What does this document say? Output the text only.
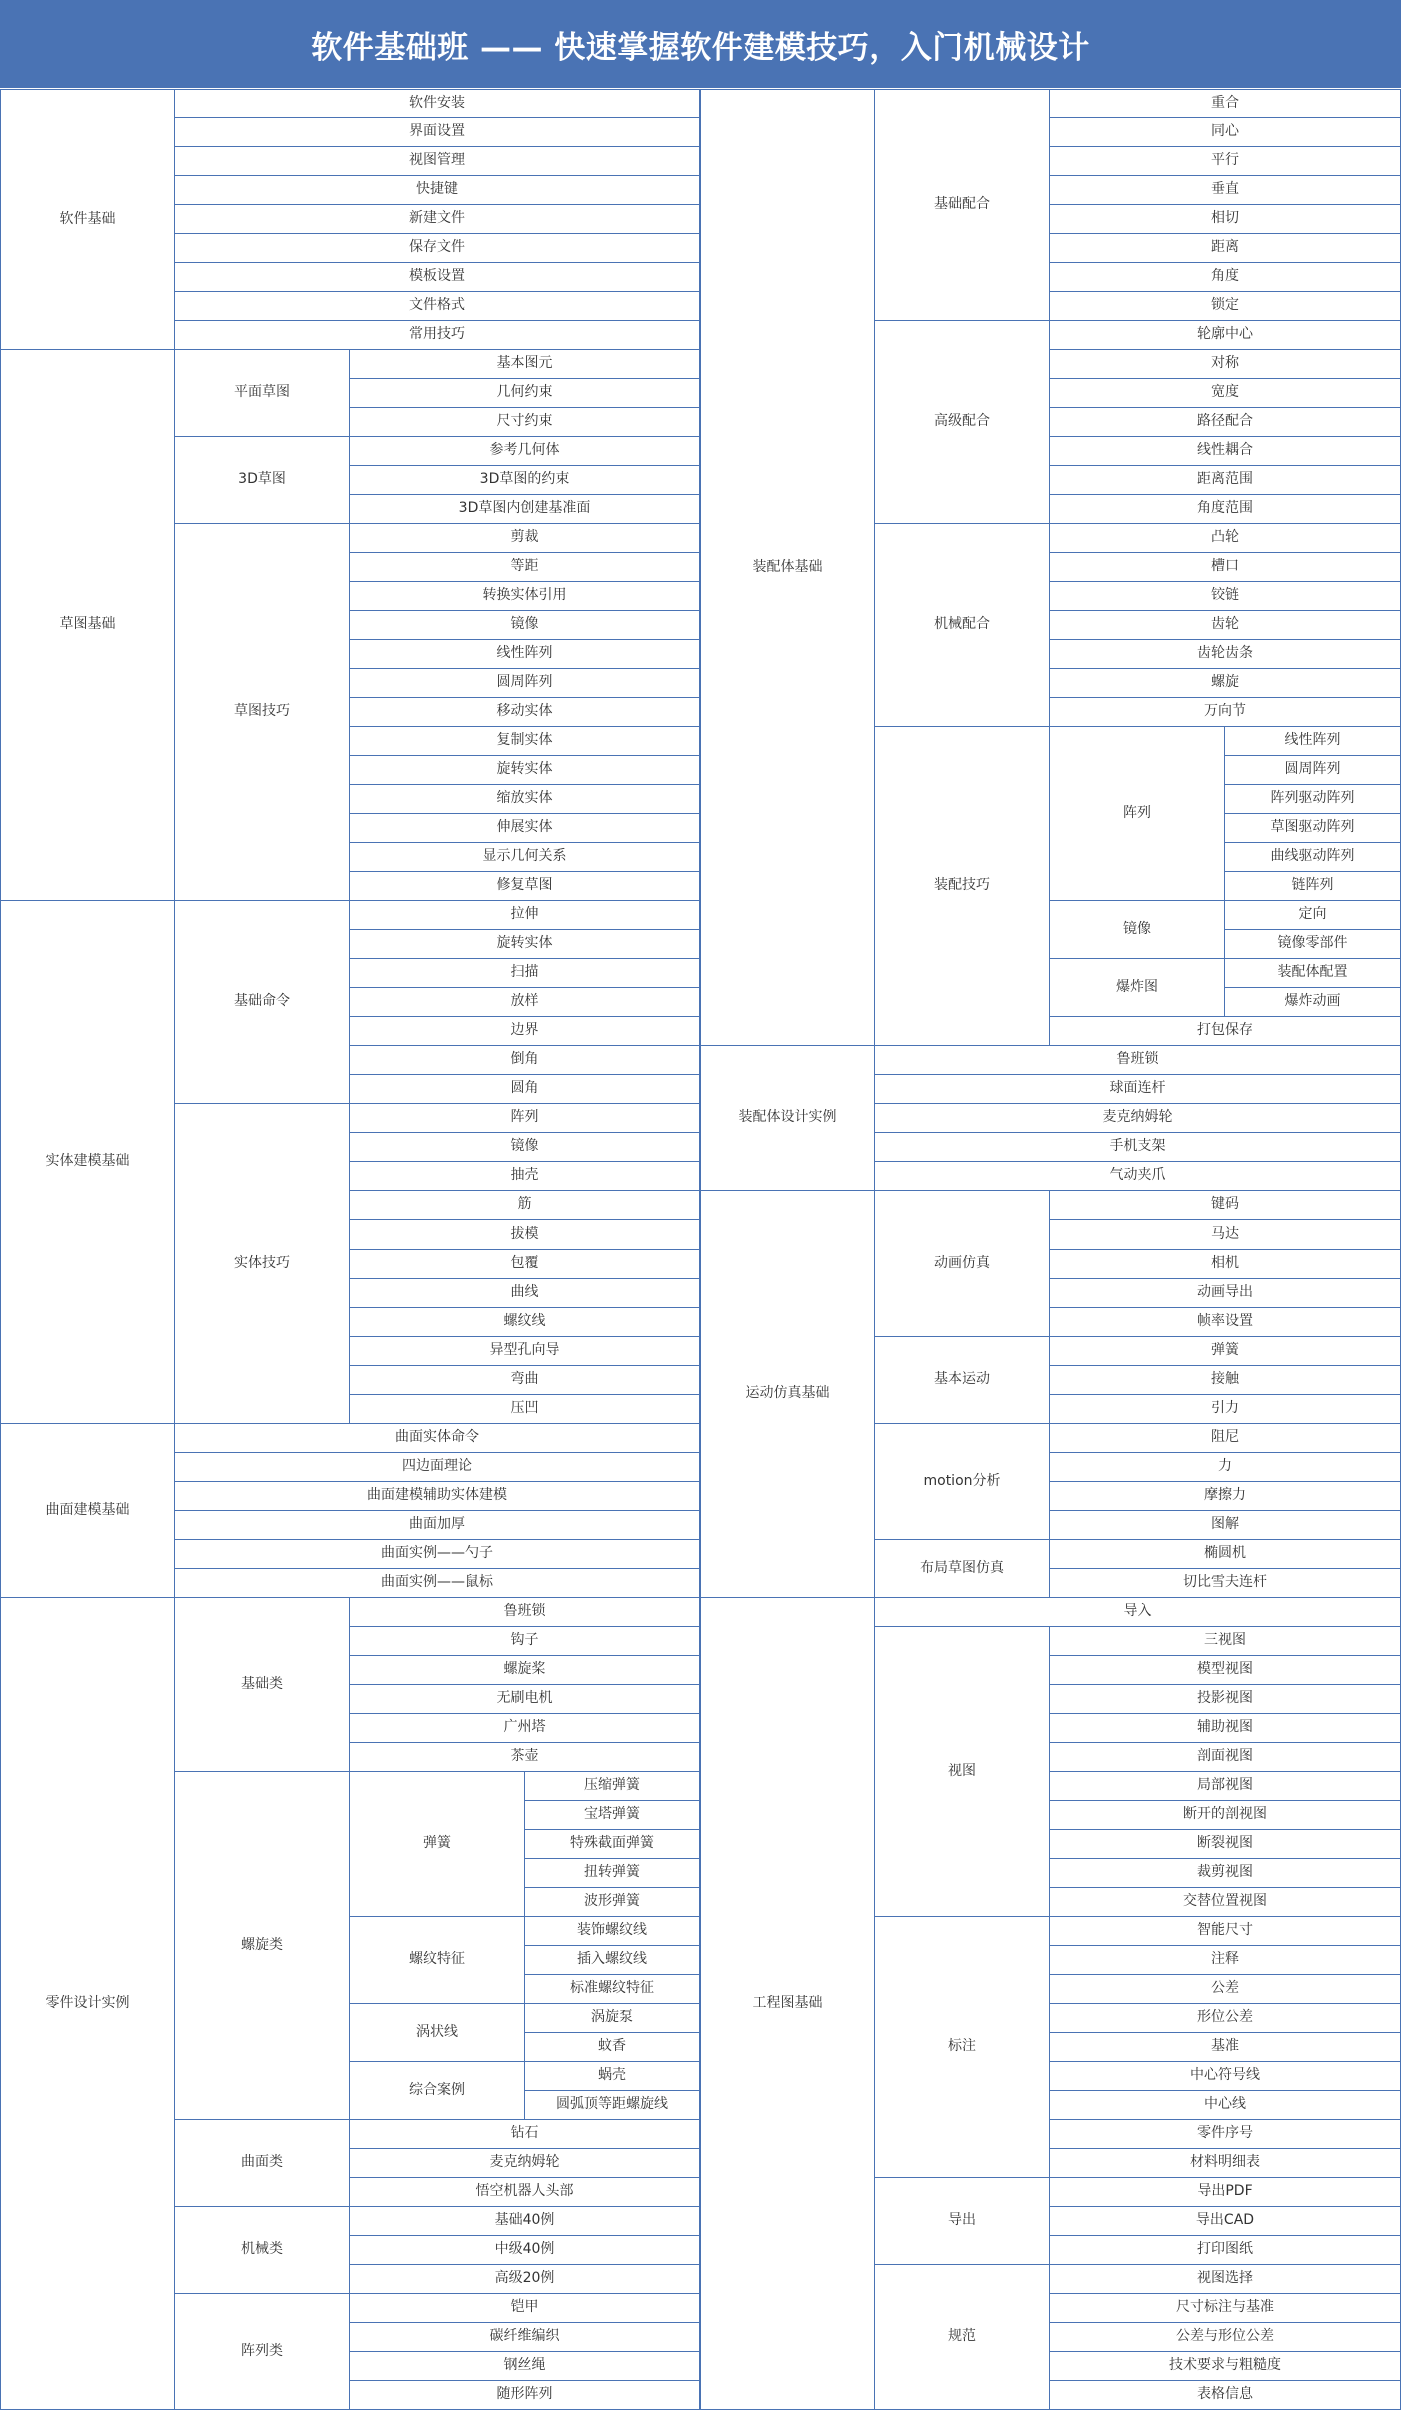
软件基础班 —— 快速掌握软件建模技巧，入门机械设计
软件基础
软件安装
界面设置
视图管理
快捷键
新建文件
保存文件
模板设置
文件格式
常用技巧
草图基础
平面草图
基本图元
几何约束
尺寸约束
3D草图
参考几何体
3D草图的约束
3D草图内创建基准面
草图技巧
剪裁
等距
转换实体引用
镜像
线性阵列
圆周阵列
移动实体
复制实体
旋转实体
缩放实体
伸展实体
显示几何关系
修复草图
实体建模基础
基础命令
拉伸
旋转实体
扫描
放样
边界
倒角
圆角
实体技巧
阵列
镜像
抽壳
筋
拔模
包覆
曲线
螺纹线
异型孔向导
弯曲
压凹
曲面建模基础
曲面实体命令
四边面理论
曲面建模辅助实体建模
曲面加厚
曲面实例——勺子
曲面实例——鼠标
零件设计实例
基础类
鲁班锁
钩子
螺旋桨
无刷电机
广州塔
茶壶
螺旋类
弹簧
压缩弹簧
宝塔弹簧
特殊截面弹簧
扭转弹簧
波形弹簧
螺纹特征
装饰螺纹线
插入螺纹线
标准螺纹特征
涡状线
涡旋泵
蚊香
综合案例
蜗壳
圆弧顶等距螺旋线
曲面类
钻石
麦克纳姆轮
悟空机器人头部
机械类
基础40例
中级40例
高级20例
阵列类
铠甲
碳纤维编织
钢丝绳
随形阵列
装配体基础
基础配合
重合
同心
平行
垂直
相切
距离
角度
锁定
高级配合
轮廓中心
对称
宽度
路径配合
线性耦合
距离范围
角度范围
机械配合
凸轮
槽口
铰链
齿轮
齿轮齿条
螺旋
万向节
装配技巧
阵列
线性阵列
圆周阵列
阵列驱动阵列
草图驱动阵列
曲线驱动阵列
链阵列
镜像
定向
镜像零部件
爆炸图
装配体配置
爆炸动画
打包保存
装配体设计实例
鲁班锁
球面连杆
麦克纳姆轮
手机支架
气动夹爪
运动仿真基础
动画仿真
键码
马达
相机
动画导出
帧率设置
基本运动
弹簧
接触
引力
motion分析
阻尼
力
摩擦力
图解
布局草图仿真
椭圆机
切比雪夫连杆
工程图基础
导入
视图
三视图
模型视图
投影视图
辅助视图
剖面视图
局部视图
断开的剖视图
断裂视图
裁剪视图
交替位置视图
标注
智能尺寸
注释
公差
形位公差
基准
中心符号线
中心线
零件序号
材料明细表
导出
导出PDF
导出CAD
打印图纸
规范
视图选择
尺寸标注与基准
公差与形位公差
技术要求与粗糙度
表格信息
